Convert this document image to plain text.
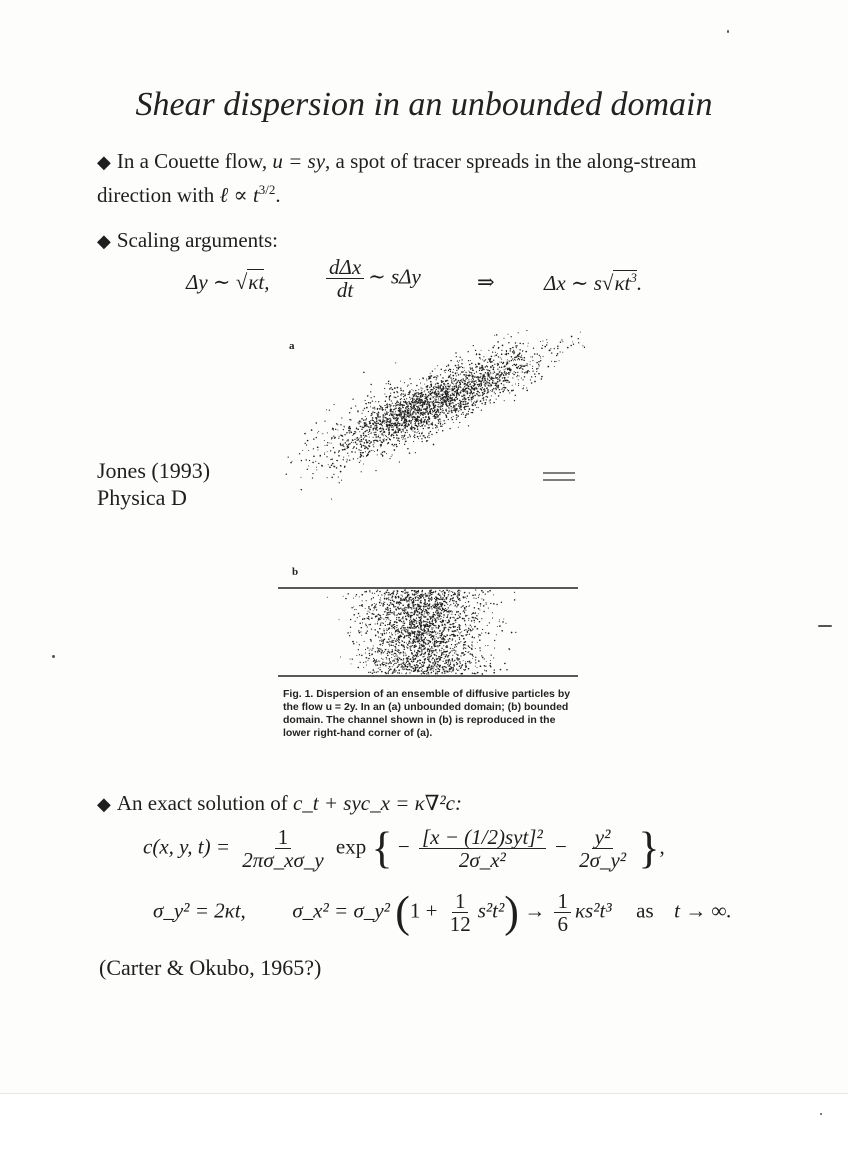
Shear dispersion in an unbounded domain
◆ In a Couette flow, u = sy, a spot of tracer spreads in the along-stream
direction with ℓ ∝ $t^{3/2}$.
◆ Scaling arguments:
Δy ∼ √κt,	$\frac{\text{dΔx}}{dt}$ ∼ sΔy	⇒ Δx ∼ $s√\kappa t^3$.
a
b
Jones (1993)
Physica D
Fig. 1. Dispersion of an ensemble of diffusive particles by the flow u = 2y. In an (a) unbounded domain; (b) bounded domain. The channel shown in (b) is reproduced in the lower right-hand corner of (a).
◆ An exact solution of c_t + syc_x = κ∇²c:
c(x, y, $t) = \frac{1}{2\pi\sigma\_x\sigma\_y}$ exp { − $\frac{\text{[x − (1/2)syt]²}}{\text{2σ\_x²}} - \frac{\text{y²}}{\text{2σ\_y²}}$ },
σ_y² = 2κt, σ_x² = σ_y² $(1 + \frac{1}{12} s^2t^2) \to \frac{1}{6} \kappa s^2t^3$ as t → ∞.
(Carter & Okubo, 1965?)
